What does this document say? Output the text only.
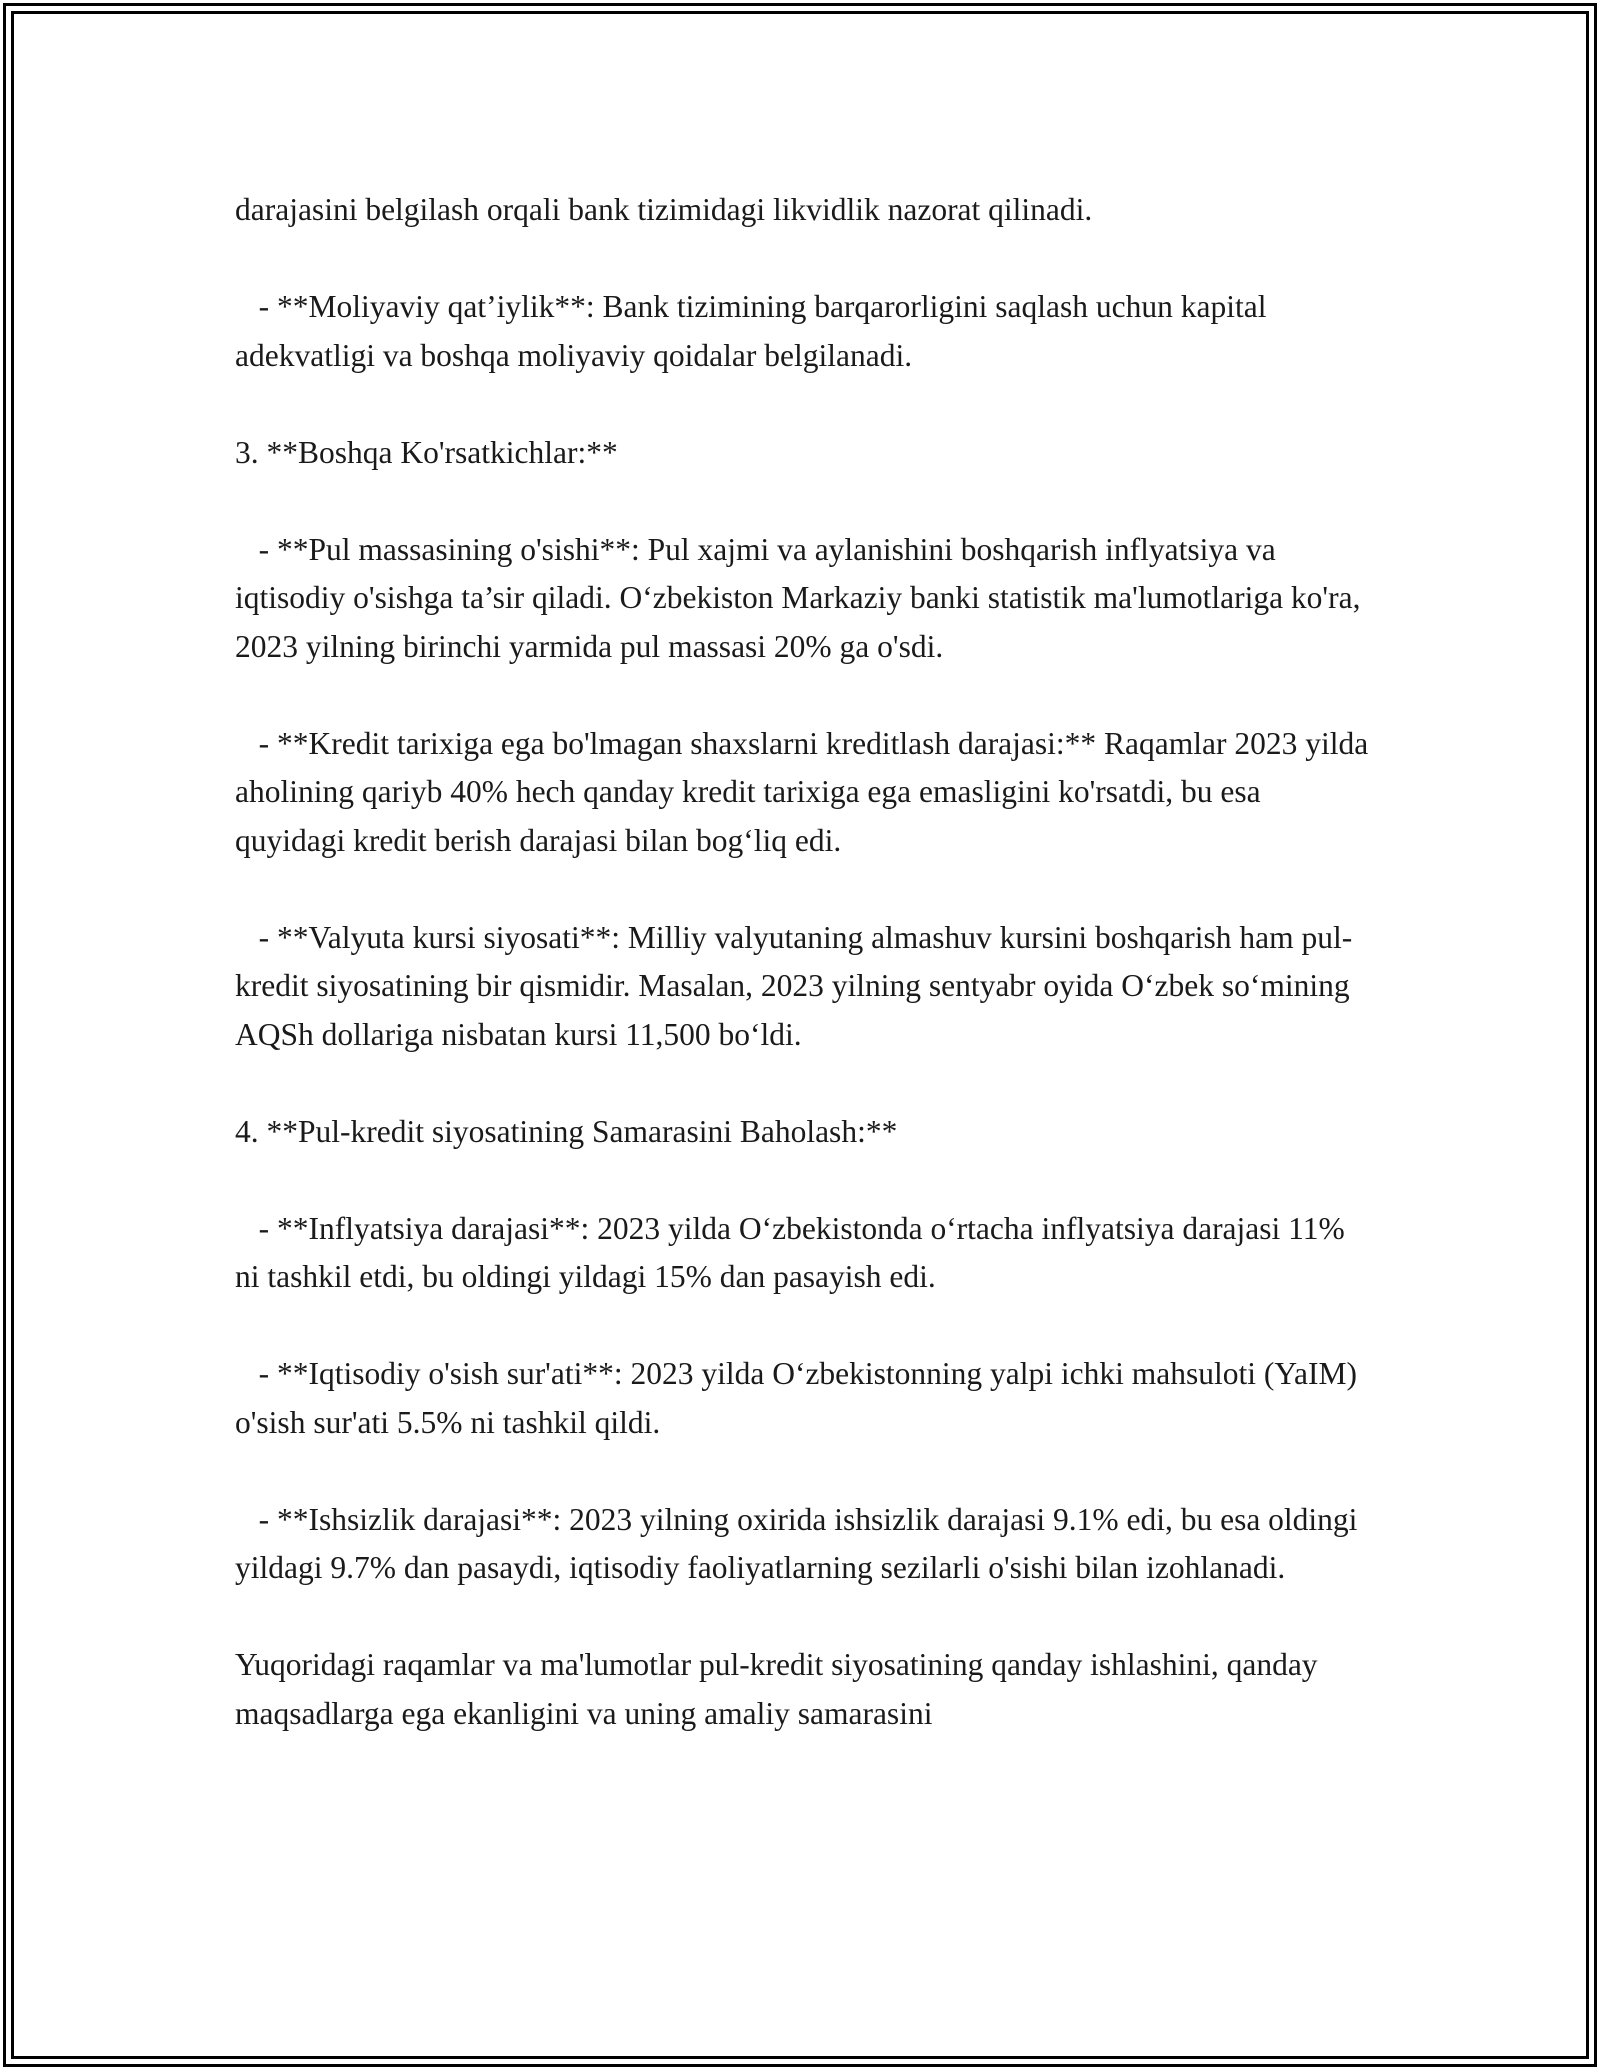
darajasini belgilash orqali bank tizimidagi likvidlik nazorat qilinadi.

- **Moliyaviy qat’iylik**: Bank tizimining barqarorligini saqlash uchun kapital adekvatligi va boshqa moliyaviy qoidalar belgilanadi.

3. **Boshqa Ko'rsatkichlar:**

- **Pul massasining o'sishi**: Pul xajmi va aylanishini boshqarish inflyatsiya va iqtisodiy o'sishga ta’sir qiladi. O‘zbekiston Markaziy banki statistik ma'lumotlariga ko'ra, 2023 yilning birinchi yarmida pul massasi 20% ga o'sdi.

- **Kredit tarixiga ega bo'lmagan shaxslarni kreditlash darajasi:** Raqamlar 2023 yilda aholining qariyb 40% hech qanday kredit tarixiga ega emasligini ko'rsatdi, bu esa quyidagi kredit berish darajasi bilan bog‘liq edi.

- **Valyuta kursi siyosati**: Milliy valyutaning almashuv kursini boshqarish ham pul-kredit siyosatining bir qismidir. Masalan, 2023 yilning sentyabr oyida O‘zbek so‘mining AQSh dollariga nisbatan kursi 11,500 bo‘ldi.

4. **Pul-kredit siyosatining Samarasini Baholash:**

- **Inflyatsiya darajasi**: 2023 yilda O‘zbekistonda o‘rtacha inflyatsiya darajasi 11% ni tashkil etdi, bu oldingi yildagi 15% dan pasayish edi.

- **Iqtisodiy o'sish sur'ati**: 2023 yilda O‘zbekistonning yalpi ichki mahsuloti (YaIM) o'sish sur'ati 5.5% ni tashkil qildi.

- **Ishsizlik darajasi**: 2023 yilning oxirida ishsizlik darajasi 9.1% edi, bu esa oldingi yildagi 9.7% dan pasaydi, iqtisodiy faoliyatlarning sezilarli o'sishi bilan izohlanadi.

Yuqoridagi raqamlar va ma'lumotlar pul-kredit siyosatining qanday ishlashini, qanday maqsadlarga ega ekanligini va uning amaliy samarasini
